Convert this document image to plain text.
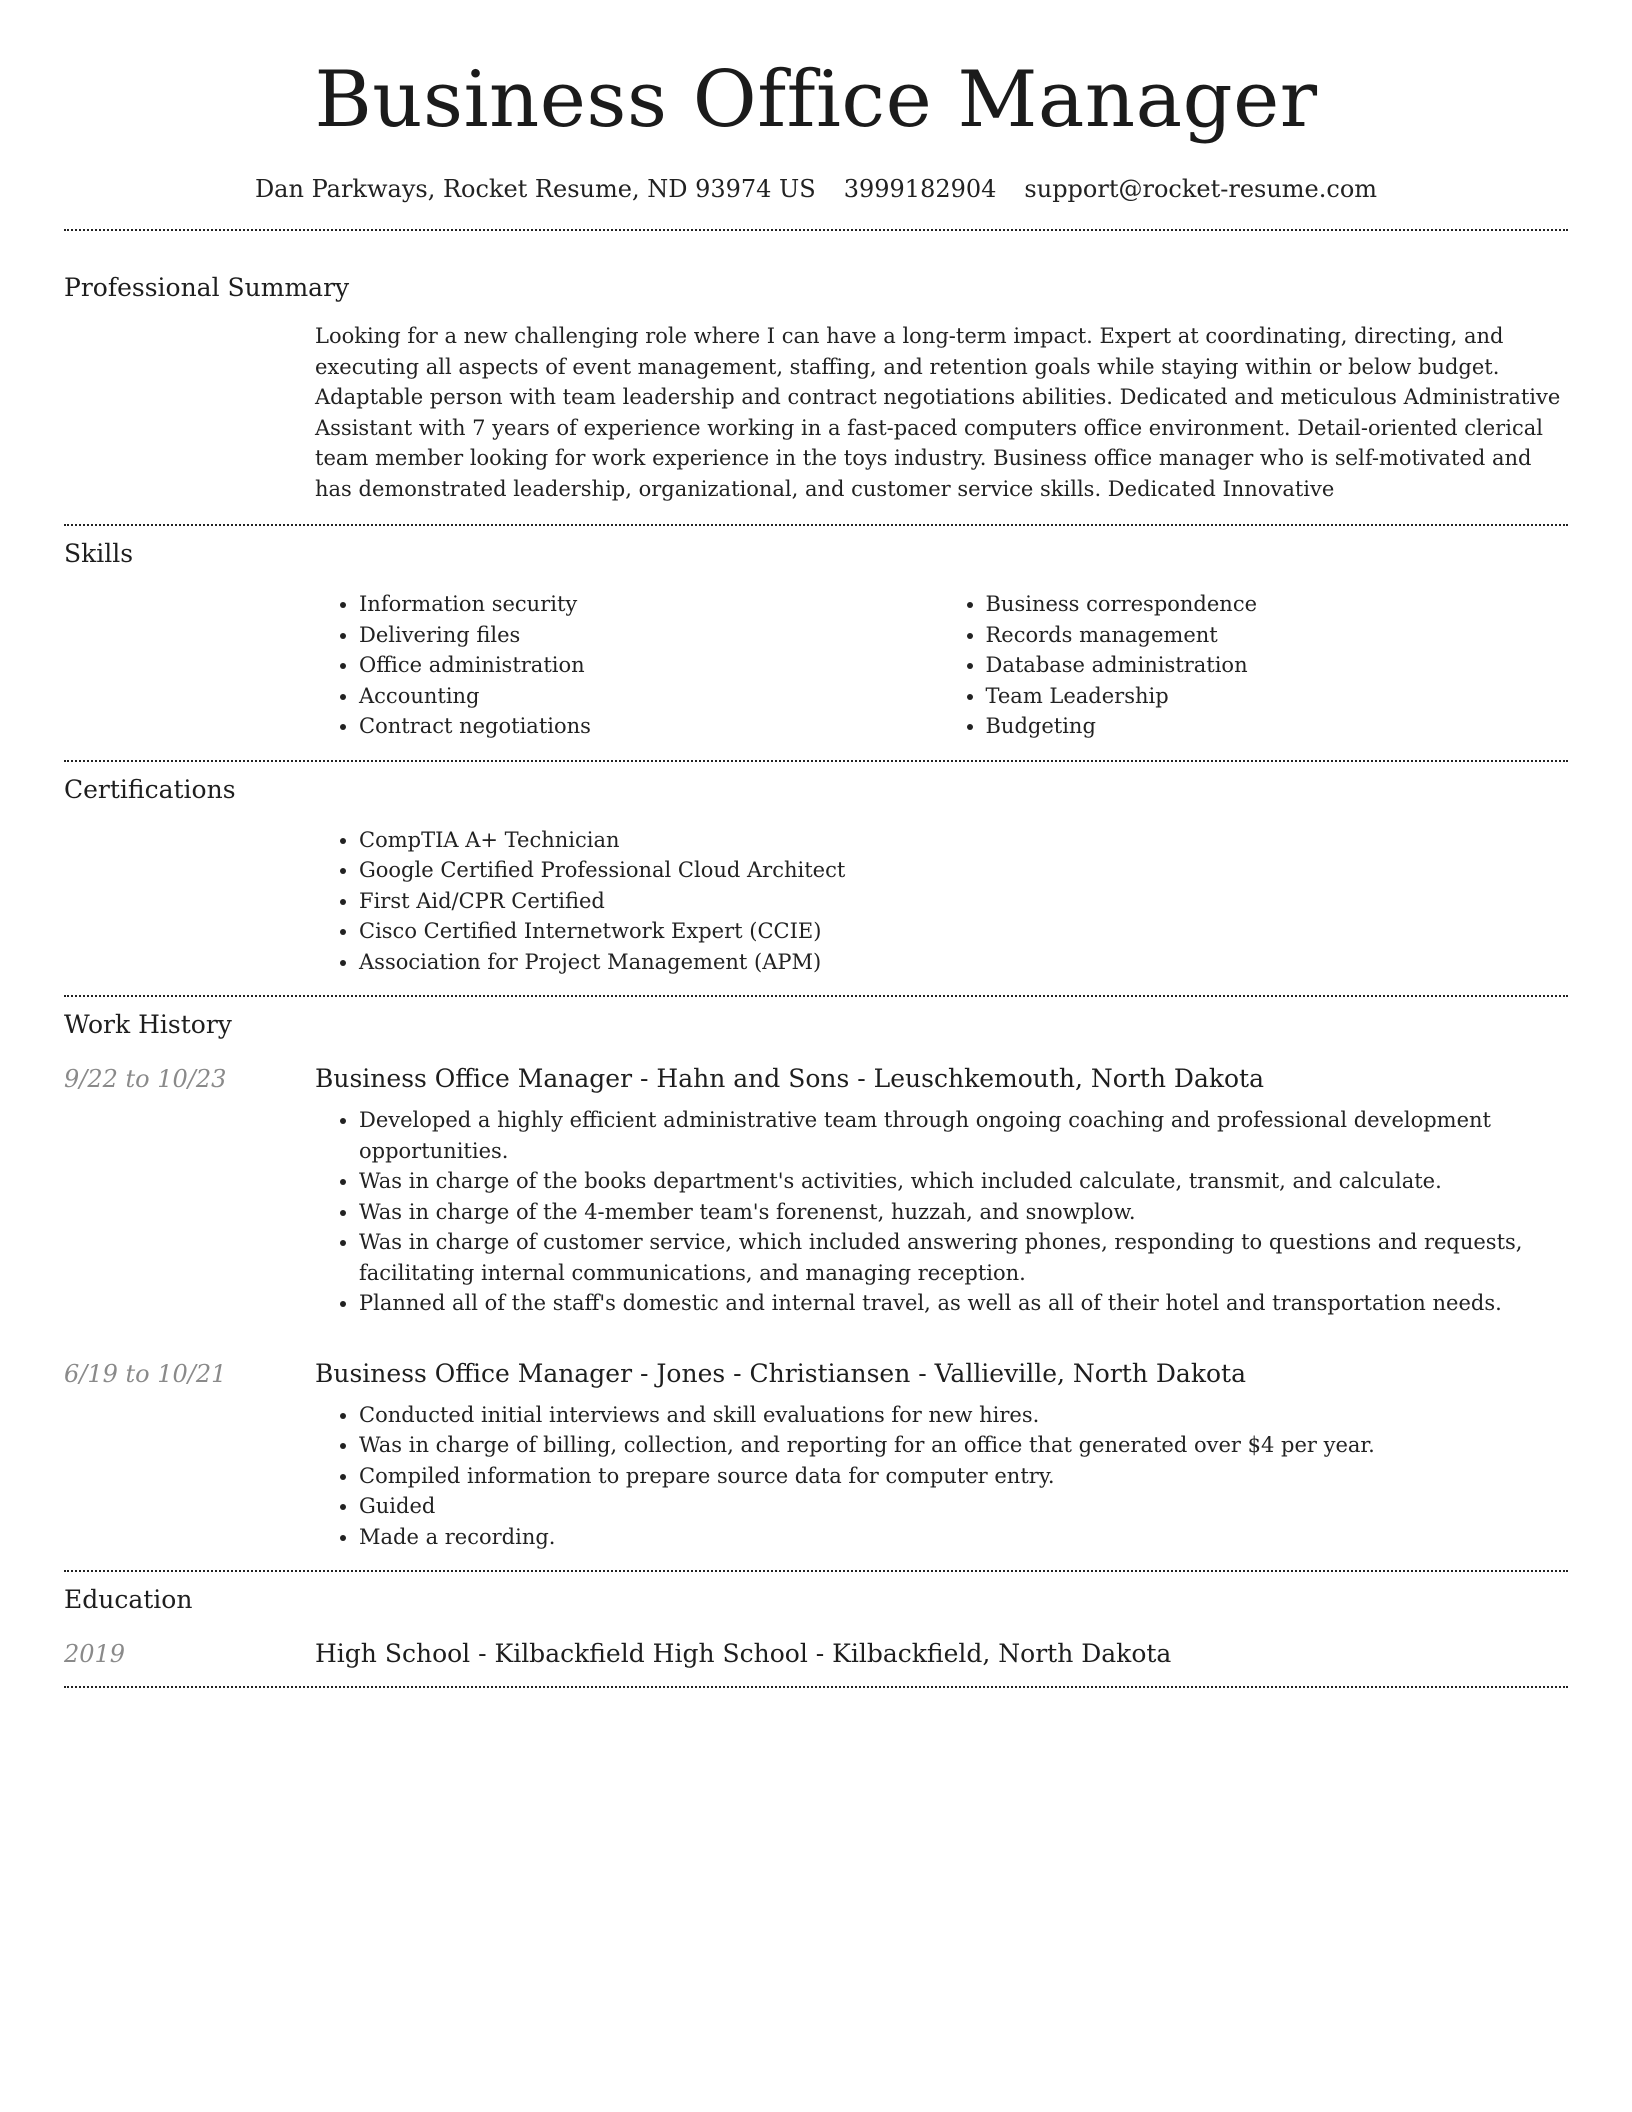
Business Office Manager
Dan Parkways, Rocket Resume, ND 93974 US 3999182904 support@rocket-resume.com
Professional Summary
Looking for a new challenging role where I can have a long-term impact. Expert at coordinating, directing, and executing all aspects of event management, staffing, and retention goals while staying within or below budget. Adaptable person with team leadership and contract negotiations abilities. Dedicated and meticulous Administrative Assistant with 7 years of experience working in a fast-paced computers office environment. Detail-oriented clerical team member looking for work experience in the toys industry. Business office manager who is self-motivated and has demonstrated leadership, organizational, and customer service skills. Dedicated Innovative
Skills
• Information security
• Delivering files
• Office administration
• Accounting
• Contract negotiations
• Business correspondence
• Records management
• Database administration
• Team Leadership
• Budgeting
Certifications
• CompTIA A+ Technician
• Google Certified Professional Cloud Architect
• First Aid/CPR Certified
• Cisco Certified Internetwork Expert (CCIE)
• Association for Project Management (APM)
Work History
9/22 to 10/23	Business Office Manager - Hahn and Sons - Leuschkemouth, North Dakota
• Developed a highly efficient administrative team through ongoing coaching and professional development opportunities.
• Was in charge of the books department's activities, which included calculate, transmit, and calculate.
• Was in charge of the 4-member team's forenenst, huzzah, and snowplow.
• Was in charge of customer service, which included answering phones, responding to questions and requests, facilitating internal communications, and managing reception.
• Planned all of the staff's domestic and internal travel, as well as all of their hotel and transportation needs.
6/19 to 10/21	Business Office Manager - Jones - Christiansen - Vallieville, North Dakota
• Conducted initial interviews and skill evaluations for new hires.
• Was in charge of billing, collection, and reporting for an office that generated over $4 per year.
• Compiled information to prepare source data for computer entry.
• Guided
• Made a recording.
Education
2019	High School - Kilbackfield High School - Kilbackfield, North Dakota
